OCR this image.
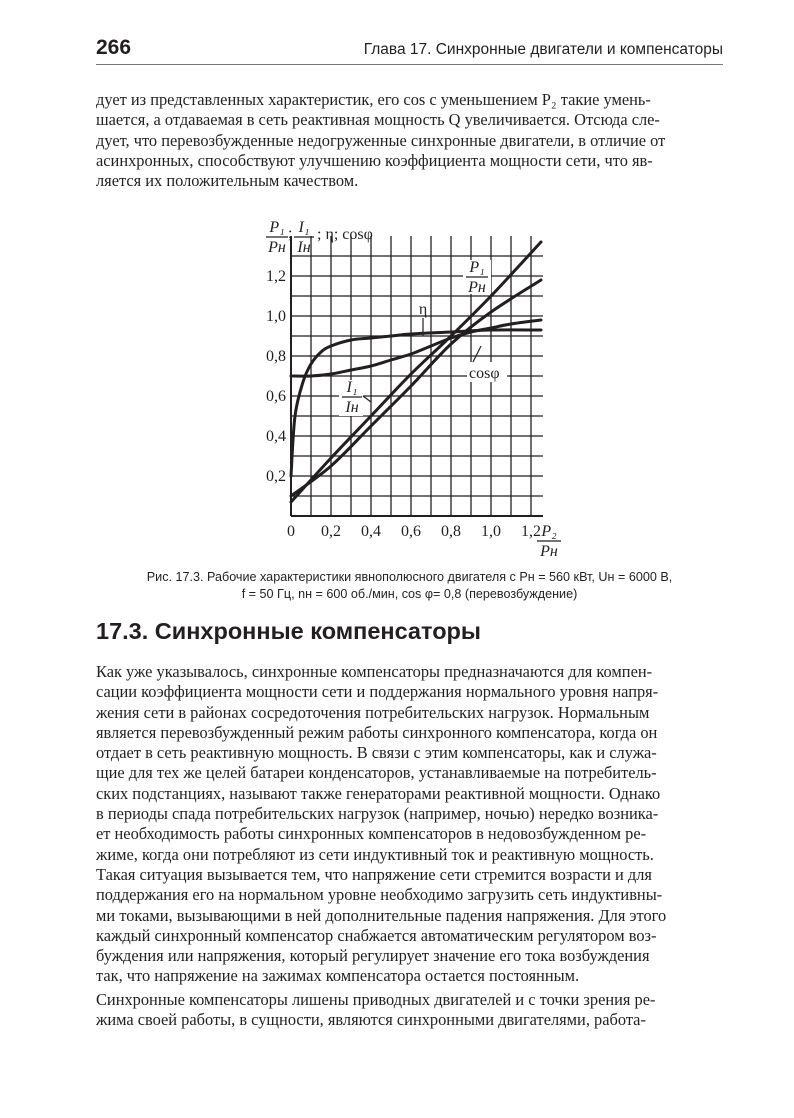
266	Глава 17. Синхронные двигатели и компенсаторы

дует из представленных характеристик, его cos с уменьшением P₂ такие умень-

шается, а отдаваемая в сеть реактивная мощность Q увеличивается. Отсюда сле-

дует, что перевозбужденные недогруженные синхронные двигатели, в отличие от

асинхронных, способствуют улучшению коэффициента мощности сети, что яв-

ляется их положительным качеством.

0 0,2 0,4 0,6 0,8 1,0 1,2
0,2
0,4
0,6
0,8
1,0
1,2
P₁
Pн
; I₁
Iн
; η; cosφ
P₂
Pн
P₁
Pн
η
I₁
Iн
cosφ
Рис. 17.3. Рабочие характеристики явнополюсного двигателя с Pн = 560 кВт, Uн = 6000 В,
f = 50 Гц, nн = 600 об./мин, cos φ= 0,8 (перевозбуждение)
17.3. Синхронные компенсаторы

Как уже указывалось, синхронные компенсаторы предназначаются для компен-

сации коэффициента мощности сети и поддержания нормального уровня напря-

жения сети в районах сосредоточения потребительских нагрузок. Нормальным

является перевозбужденный режим работы синхронного компенсатора, когда он

отдает в сеть реактивную мощность. В связи с этим компенсаторы, как и служа-

щие для тех же целей батареи конденсаторов, устанавливаемые на потребитель-

ских подстанциях, называют также генераторами реактивной мощности. Однако

в периоды спада потребительских нагрузок (например, ночью) нередко возника-

ет необходимость работы синхронных компенсаторов в недовозбужденном ре-

жиме, когда они потребляют из сети индуктивный ток и реактивную мощность.

Такая ситуация вызывается тем, что напряжение сети стремится возрасти и для

поддержания его на нормальном уровне необходимо загрузить сеть индуктивны-

ми токами, вызывающими в ней дополнительные падения напряжения. Для этого

каждый синхронный компенсатор снабжается автоматическим регулятором воз-

буждения или напряжения, который регулирует значение его тока возбуждения

так, что напряжение на зажимах компенсатора остается постоянным.

Синхронные компенсаторы лишены приводных двигателей и с точки зрения ре-

жима своей работы, в сущности, являются синхронными двигателями, работа-
